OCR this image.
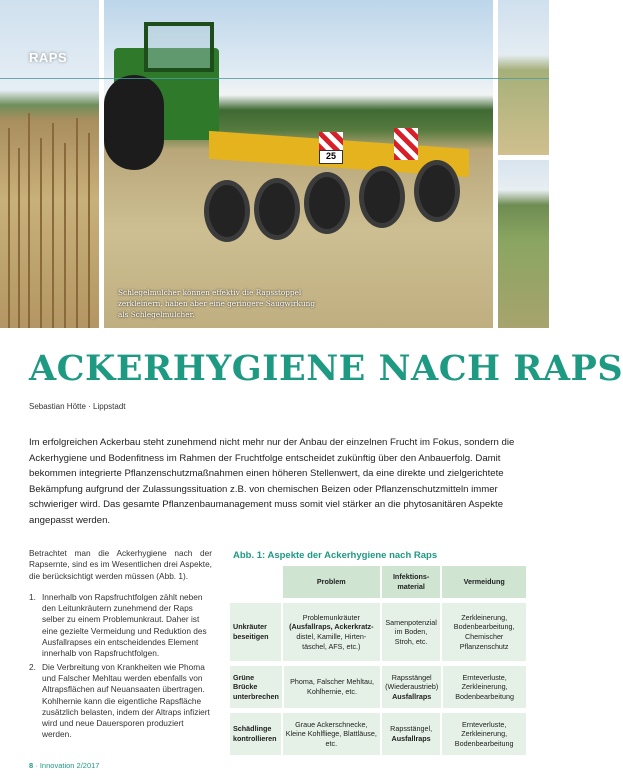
25
Schlegelmulcher können effektiv die Rapsstoppel zerkleinern, haben aber eine geringere Saugwirkung als Schlegelmulcher.
RAPS
ACKERHYGIENE NACH RAPS
Sebastian Hötte · Lippstadt

Im erfolgreichen Ackerbau steht zunehmend nicht mehr nur der Anbau der einzelnen Frucht im Fokus, sondern die Ackerhygiene und Bodenfitness im Rahmen der Fruchtfolge entscheidet zukünftig über den Anbauerfolg. Damit bekommen integrierte Pflanzenschutzmaßnahmen einen höheren Stellenwert, da eine direkte und zielgerichtete Bekämpfung aufgrund der Zulassungssituation z.B. von chemischen Beizen oder Pflanzenschutzmitteln immer schwieriger wird. Das gesamte Pflanzenbaumanagement muss somit viel stärker an die phytosanitären Aspekte angepasst werden.

Betrachtet man die Ackerhygiene nach der Rapsernte, sind es im Wesentlichen drei Aspekte, die berücksichtigt werden müssen (Abb. 1).

1. Innerhalb von Rapsfruchtfolgen zählt neben den Leitunkräutern zunehmend der Raps selber zu einem Problemunkraut. Daher ist eine gezielte Vermeidung und Reduktion des Ausfallrapses ein entscheidendes Element innerhalb von Rapsfruchtfolgen.
2. Die Verbreitung von Krankheiten wie Phoma und Falscher Mehltau werden ebenfalls von Altrapsflächen auf Neuansaaten übertragen. Kohlhernie kann die eigentliche Rapsfläche zusätzlich belasten, indem der Altraps infiziert wird und neue Dauersporen produziert werden.
Abb. 1: Aspekte der Ackerhygiene nach Raps
Problem
Infektions-material
Vermeidung
Unkräuter beseitigen
Problemunkräuter
(Ausfallraps, Ackerkratz-
distel, Kamille, Hirten-
täschel, AFS, etc.)
Samenpotenzial im Boden, Stroh, etc.
Zerkleinerung, Bodenbearbeitung, Chemischer Pflanzenschutz
Grüne Brücke unterbrechen
Phoma, Falscher Mehltau, Kohlhernie, etc.
Rapsstängel (Wiederaustrieb)
Ausfallraps
Ernteverluste, Zerkleinerung, Bodenbearbeitung
Schädlinge kontrollieren
Graue Ackerschnecke, Kleine Kohlfliege, Blattläuse, etc.
Rapsstängel,
Ausfallraps
Ernteverluste, Zerkleinerung, Bodenbearbeitung
8 · Innovation 2/2017
